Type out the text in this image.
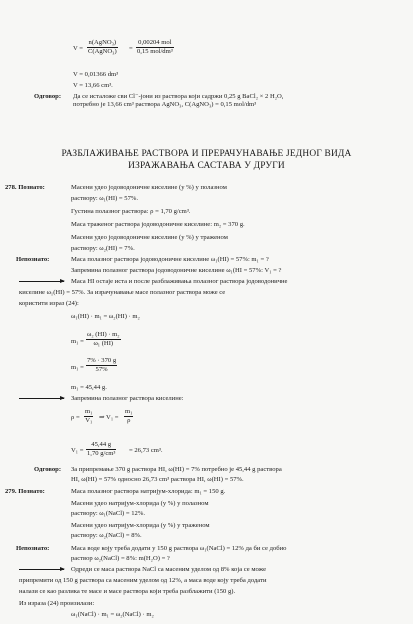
V =
n(AgNO₃)
C(AgNO₃) =
0,00204 mol
0,15 mol/dm³
V = 0,01366 dm³
V = 13,66 cm³.
Одговор: Да се исталоже сви Cl⁻-јони из раствора који садржи 0,25 g BaCl₂ × 2 H₂O,
потребно је 13,66 cm³ раствора AgNO₃, C(AgNO₃) = 0,15 mol/dm³
РАЗБЛАЖИВАЊЕ РАСТВОРА И ПРЕРАЧУНАВАЊЕ ЈЕДНОГ ВИДА
ИЗРАЖАВАЊА САСТАВА У ДРУГИ
278. Познато:	Масени удео јодоводоничне киселине (у %) у полазном
раствору: ω₁(HI) = 57%.
Густина полазног раствора: ρ = 1,70 g/cm³.
Маса траженог раствора јодоводоничне киселине: m₂ = 370 g.
Масени удео јодоводоничне киселине (у %) у траженом
раствору: ω₂(HI) = 7%.
Непознато:	Маса полазног раствора јодоводоничне киселине ω₁(HI) = 57%: m₁ = ?
Запремина полазног раствора јодоводоничне киселине ω₁(HI = 57%: V₁ = ?
Маса HI остаје иста и после разблаживања полазног раствора јодоводоничне
киселине ω₁(HI) = 57%. За израчунавање масе полазног раствора може се
користити израз (24):
ω₁(HI) · m₁ = ω₂(HI) · m₂
$m_1 = \frac{\text{ω₂ (HI) · m₂}}{\text{ω₁ (HI)}}$
$m_1 = \frac{7\% \cdot 370 g}{57\%}$
m₁ = 45,44 g.
Запремина полазног раствора киселине:
$\rho = \frac{\text{m₁}}{\text{V₁}}$ ⇒ $V_1 = \frac{\text{m₁}}{\rho}$
$V_1 = \frac{45,44 g}{\text{1,70 g/cm³}} = 26,73$ cm³.
Одговор: За припремање 370 g раствора HI, ω(HI) = 7% потребно је 45,44 g раствора
HI, ω(HI) = 57% односно 26,73 cm³ раствора HI, ω(HI) = 57%.
279. Познато:	Маса полазног раствора натријум-хлорида: m₁ = 150 g.
Масени удео натријум-хлорида (у %) у полазном
раствору: ω₁(NaCl) = 12%.
Масени удео натријум-хлорида (у %) у траженом
раствору: ω₂(NaCl) = 8%.
Непознато:	Маса воде коју треба додати у 150 g раствора ω₁(NaCl) = 12% да би се добио
раствор ω₂(NaCl) = 8%: m(H₂O) = ?
Одреди се маса раствора NaCl са масеним уделом од 8% која се може
припремити од 150 g раствора са масеним уделом од 12%, а маса воде коју треба додати
налази се као разлика те масе и масе раствора који треба разблажити (150 g).
Из израза (24) произилази:
ω₁(NaCl) · m₁ = ω₂(NaCl) · m₂
